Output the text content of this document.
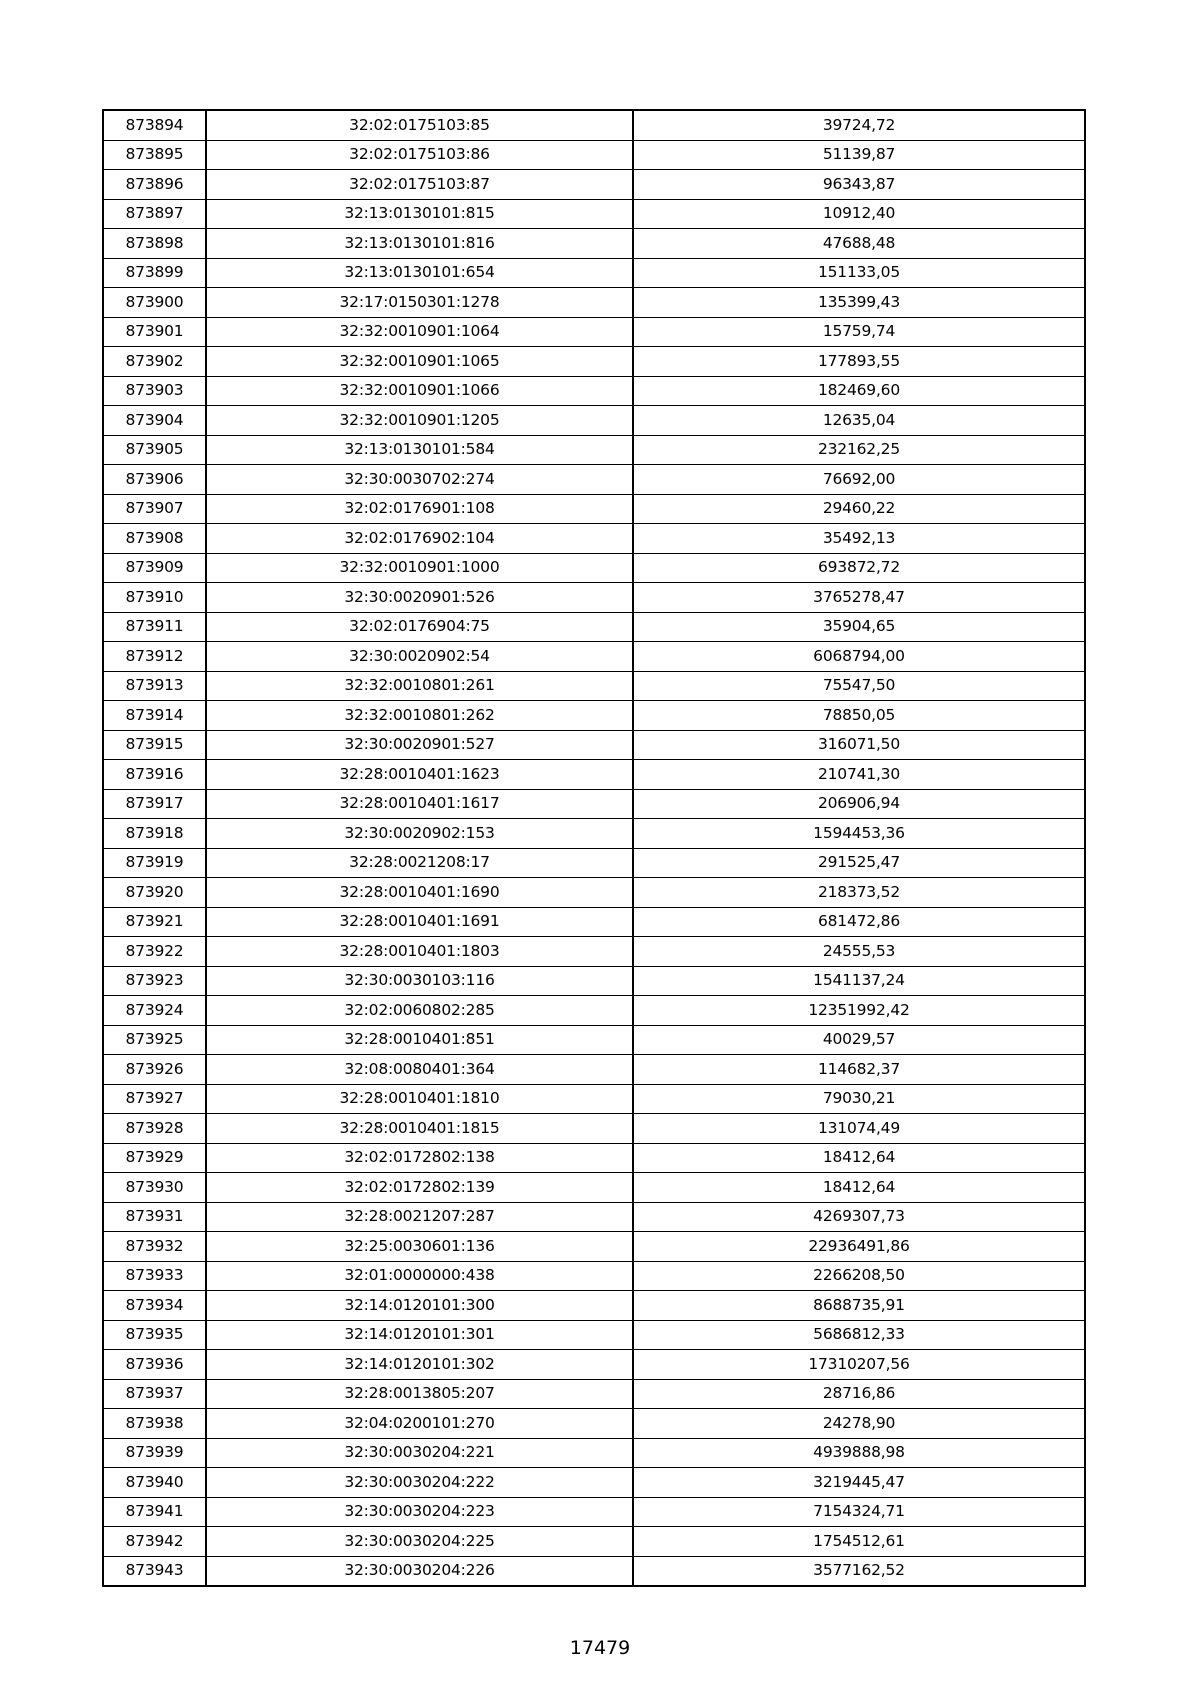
873894	32:02:0175103:85	39724,72
873895	32:02:0175103:86	51139,87
873896	32:02:0175103:87	96343,87
873897	32:13:0130101:815	10912,40
873898	32:13:0130101:816	47688,48
873899	32:13:0130101:654	151133,05
873900	32:17:0150301:1278	135399,43
873901	32:32:0010901:1064	15759,74
873902	32:32:0010901:1065	177893,55
873903	32:32:0010901:1066	182469,60
873904	32:32:0010901:1205	12635,04
873905	32:13:0130101:584	232162,25
873906	32:30:0030702:274	76692,00
873907	32:02:0176901:108	29460,22
873908	32:02:0176902:104	35492,13
873909	32:32:0010901:1000	693872,72
873910	32:30:0020901:526	3765278,47
873911	32:02:0176904:75	35904,65
873912	32:30:0020902:54	6068794,00
873913	32:32:0010801:261	75547,50
873914	32:32:0010801:262	78850,05
873915	32:30:0020901:527	316071,50
873916	32:28:0010401:1623	210741,30
873917	32:28:0010401:1617	206906,94
873918	32:30:0020902:153	1594453,36
873919	32:28:0021208:17	291525,47
873920	32:28:0010401:1690	218373,52
873921	32:28:0010401:1691	681472,86
873922	32:28:0010401:1803	24555,53
873923	32:30:0030103:116	1541137,24
873924	32:02:0060802:285	12351992,42
873925	32:28:0010401:851	40029,57
873926	32:08:0080401:364	114682,37
873927	32:28:0010401:1810	79030,21
873928	32:28:0010401:1815	131074,49
873929	32:02:0172802:138	18412,64
873930	32:02:0172802:139	18412,64
873931	32:28:0021207:287	4269307,73
873932	32:25:0030601:136	22936491,86
873933	32:01:0000000:438	2266208,50
873934	32:14:0120101:300	8688735,91
873935	32:14:0120101:301	5686812,33
873936	32:14:0120101:302	17310207,56
873937	32:28:0013805:207	28716,86
873938	32:04:0200101:270	24278,90
873939	32:30:0030204:221	4939888,98
873940	32:30:0030204:222	3219445,47
873941	32:30:0030204:223	7154324,71
873942	32:30:0030204:225	1754512,61
873943	32:30:0030204:226	3577162,52
17479
